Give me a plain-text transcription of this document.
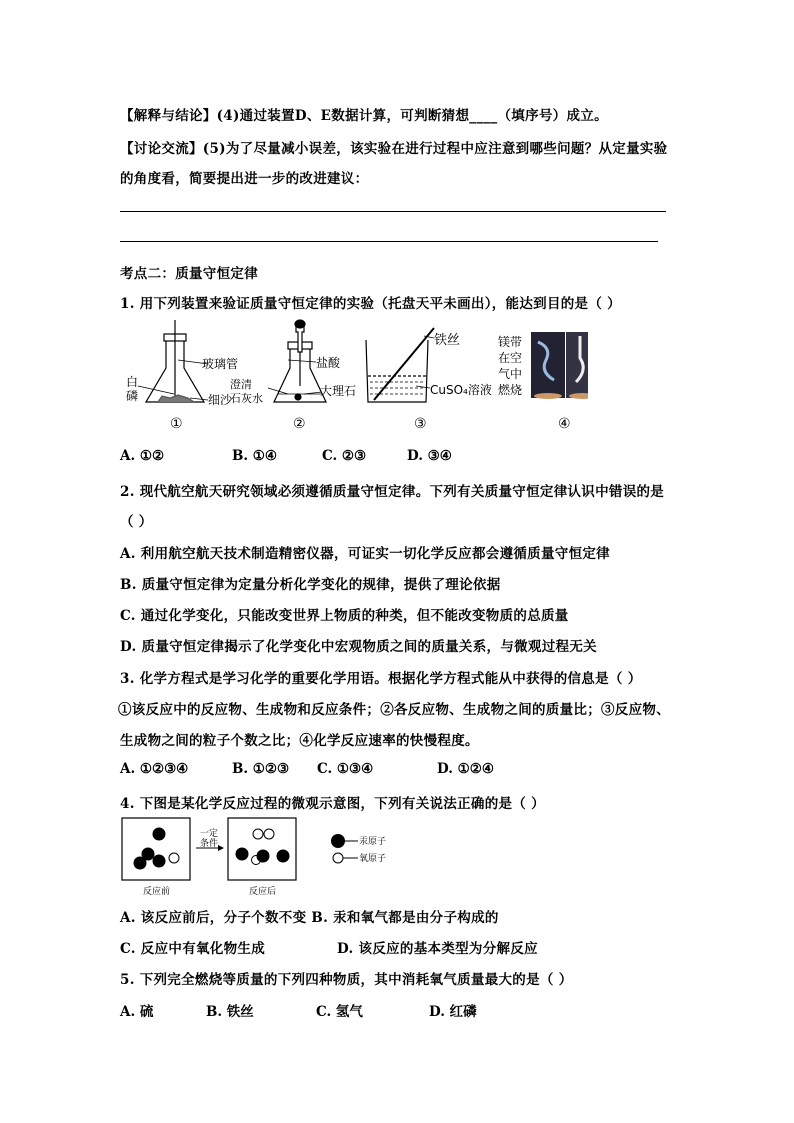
【解释与结论】(4)通过装置D、E数据计算，可判断猜想____（填序号）成立。
【讨论交流】(5)为了尽量减小误差，该实验在进行过程中应注意到哪些问题？从定量实验
的角度看，简要提出进一步的改进建议：
考点二：质量守恒定律
1. 用下列装置来验证质量守恒定律的实验（托盘天平未画出），能达到目的是（ ）
白
磷
玻璃管
细沙
盐酸
澄清
石灰水
大理石
铁丝
CuSO₄溶液
镁带
在空
气中
燃烧
①	②	③	④
A. ①②	B. ①④	C. ②③	D. ③④
2. 现代航空航天研究领域必须遵循质量守恒定律。下列有关质量守恒定律认识中错误的是
（ ）
A. 利用航空航天技术制造精密仪器，可证实一切化学反应都会遵循质量守恒定律
B. 质量守恒定律为定量分析化学变化的规律，提供了理论依据
C. 通过化学变化，只能改变世界上物质的种类，但不能改变物质的总质量
D. 质量守恒定律揭示了化学变化中宏观物质之间的质量关系，与微观过程无关
3. 化学方程式是学习化学的重要化学用语。根据化学方程式能从中获得的信息是（ ）
①该反应中的反应物、生成物和反应条件；②各反应物、生成物之间的质量比；③反应物、
生成物之间的粒子个数之比；④化学反应速率的快慢程度。
A. ①②③④	B. ①②③ C. ①③④	D. ①②④
4. 下图是某化学反应过程的微观示意图，下列有关说法正确的是（ ）
一定
条件
反应前	反应后
汞原子
氧原子
A. 该反应前后，分子个数不变 B. 汞和氧气都是由分子构成的
C. 反应中有氧化物生成	D. 该反应的基本类型为分解反应
5. 下列完全燃烧等质量的下列四种物质，其中消耗氧气质量最大的是（ ）
A. 硫	B. 铁丝	C. 氢气	D. 红磷
